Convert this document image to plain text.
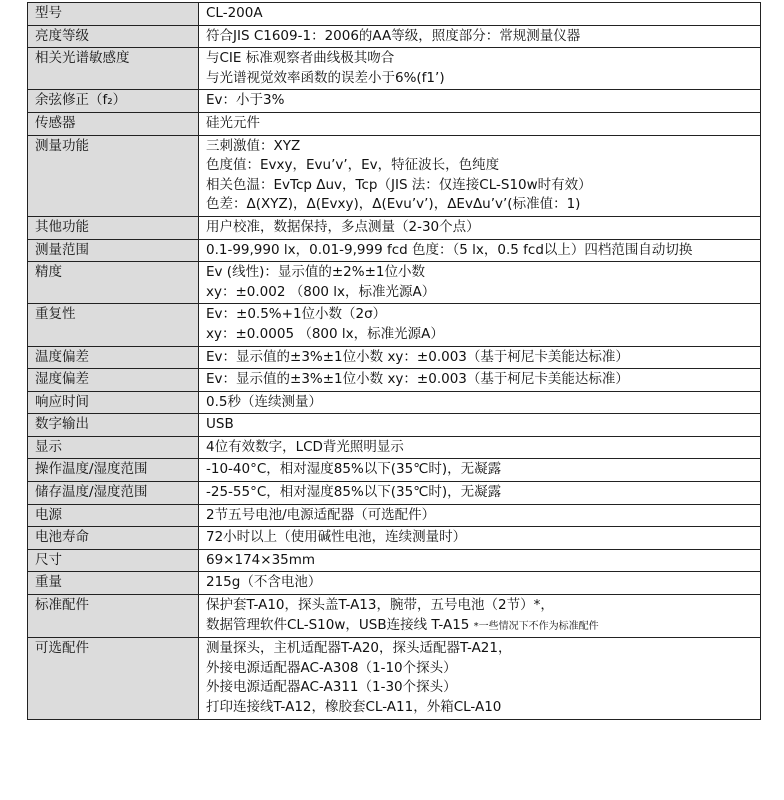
型号	CL-200A

亮度等级	符合JIS C1609-1：2006的AA等级，照度部分：常规测量仪器

相关光谱敏感度	与CIE 标准观察者曲线极其吻合
与光谱视觉效率函数的误差小于6%(f1’)

余弦修正（f₂）	Ev：小于3%

传感器	硅光元件

测量功能	三刺激值：XYZ
色度值：Evxy，Evu’v’，Ev，特征波长，色纯度
相关色温：EvTcp Δuv，Tcp（JIS 法：仅连接CL-S10w时有效）
色差：Δ(XYZ)，Δ(Evxy)，Δ(Evu’v’)，ΔEvΔu’v’(标准值：1)

其他功能	用户校准，数据保持，多点测量（2-30个点）

测量范围	0.1-99,990 lx，0.01-9,999 fcd 色度：（5 lx，0.5 fcd以上）四档范围自动切换

精度	Ev (线性)：显示值的±2%±1位小数
xy：±0.002 （800 lx，标准光源A）

重复性	Ev：±0.5%+1位小数（2σ）
xy：±0.0005 （800 lx，标准光源A）

温度偏差	Ev：显示值的±3%±1位小数 xy：±0.003（基于柯尼卡美能达标准）

湿度偏差	Ev：显示值的±3%±1位小数 xy：±0.003（基于柯尼卡美能达标准）

响应时间	0.5秒（连续测量）

数字输出	USB

显示	4位有效数字，LCD背光照明显示

操作温度/湿度范围	-10-40°C，相对湿度85%以下(35℃时)，无凝露

储存温度/湿度范围	-25-55°C，相对湿度85%以下(35℃时)，无凝露

电源	2节五号电池/电源适配器（可选配件）

电池寿命	72小时以上（使用碱性电池，连续测量时）

尺寸	69×174×35mm

重量	215g（不含电池）

标准配件	保护套T-A10，探头盖T-A13，腕带，五号电池（2节）*，
数据管理软件CL-S10w，USB连接线 T-A15 *一些情况下不作为标准配件

可选配件	测量探头，主机适配器T-A20，探头适配器T-A21，
外接电源适配器AC-A308（1-10个探头）
外接电源适配器AC-A311（1-30个探头）
打印连接线T-A12，橡胶套CL-A11，外箱CL-A10
